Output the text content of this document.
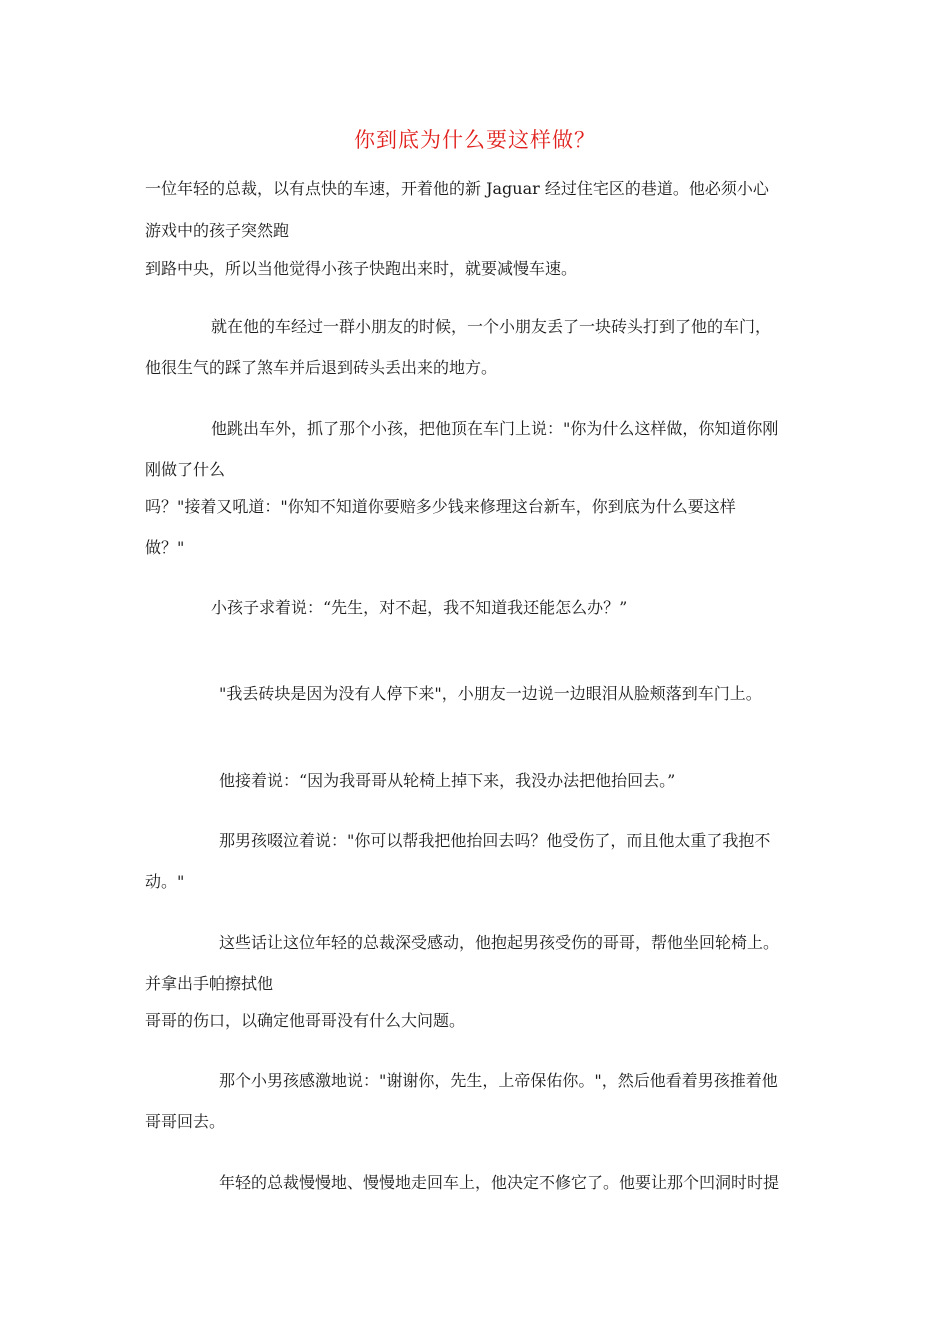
你到底为什么要这样做？
一位年轻的总裁，以有点快的车速，开着他的新 Jaguar 经过住宅区的巷道。他必须小心
游戏中的孩子突然跑
到路中央，所以当他觉得小孩子快跑出来时，就要减慢车速。
就在他的车经过一群小朋友的时候，一个小朋友丢了一块砖头打到了他的车门，
他很生气的踩了煞车并后退到砖头丢出来的地方。
他跳出车外，抓了那个小孩，把他顶在车门上说："你为什么这样做，你知道你刚
刚做了什么
吗？"接着又吼道："你知不知道你要赔多少钱来修理这台新车，你到底为什么要这样
做？"
小孩子求着说：“先生，对不起，我不知道我还能怎么办？”
"我丢砖块是因为没有人停下来"，小朋友一边说一边眼泪从脸颊落到车门上。
他接着说：“因为我哥哥从轮椅上掉下来，我没办法把他抬回去。”
那男孩啜泣着说："你可以帮我把他抬回去吗？他受伤了，而且他太重了我抱不
动。"
这些话让这位年轻的总裁深受感动，他抱起男孩受伤的哥哥，帮他坐回轮椅上。
并拿出手帕擦拭他
哥哥的伤口，以确定他哥哥没有什么大问题。
那个小男孩感激地说："谢谢你，先生，上帝保佑你。"，然后他看着男孩推着他
哥哥回去。
年轻的总裁慢慢地、慢慢地走回车上，他决定不修它了。他要让那个凹洞时时提
